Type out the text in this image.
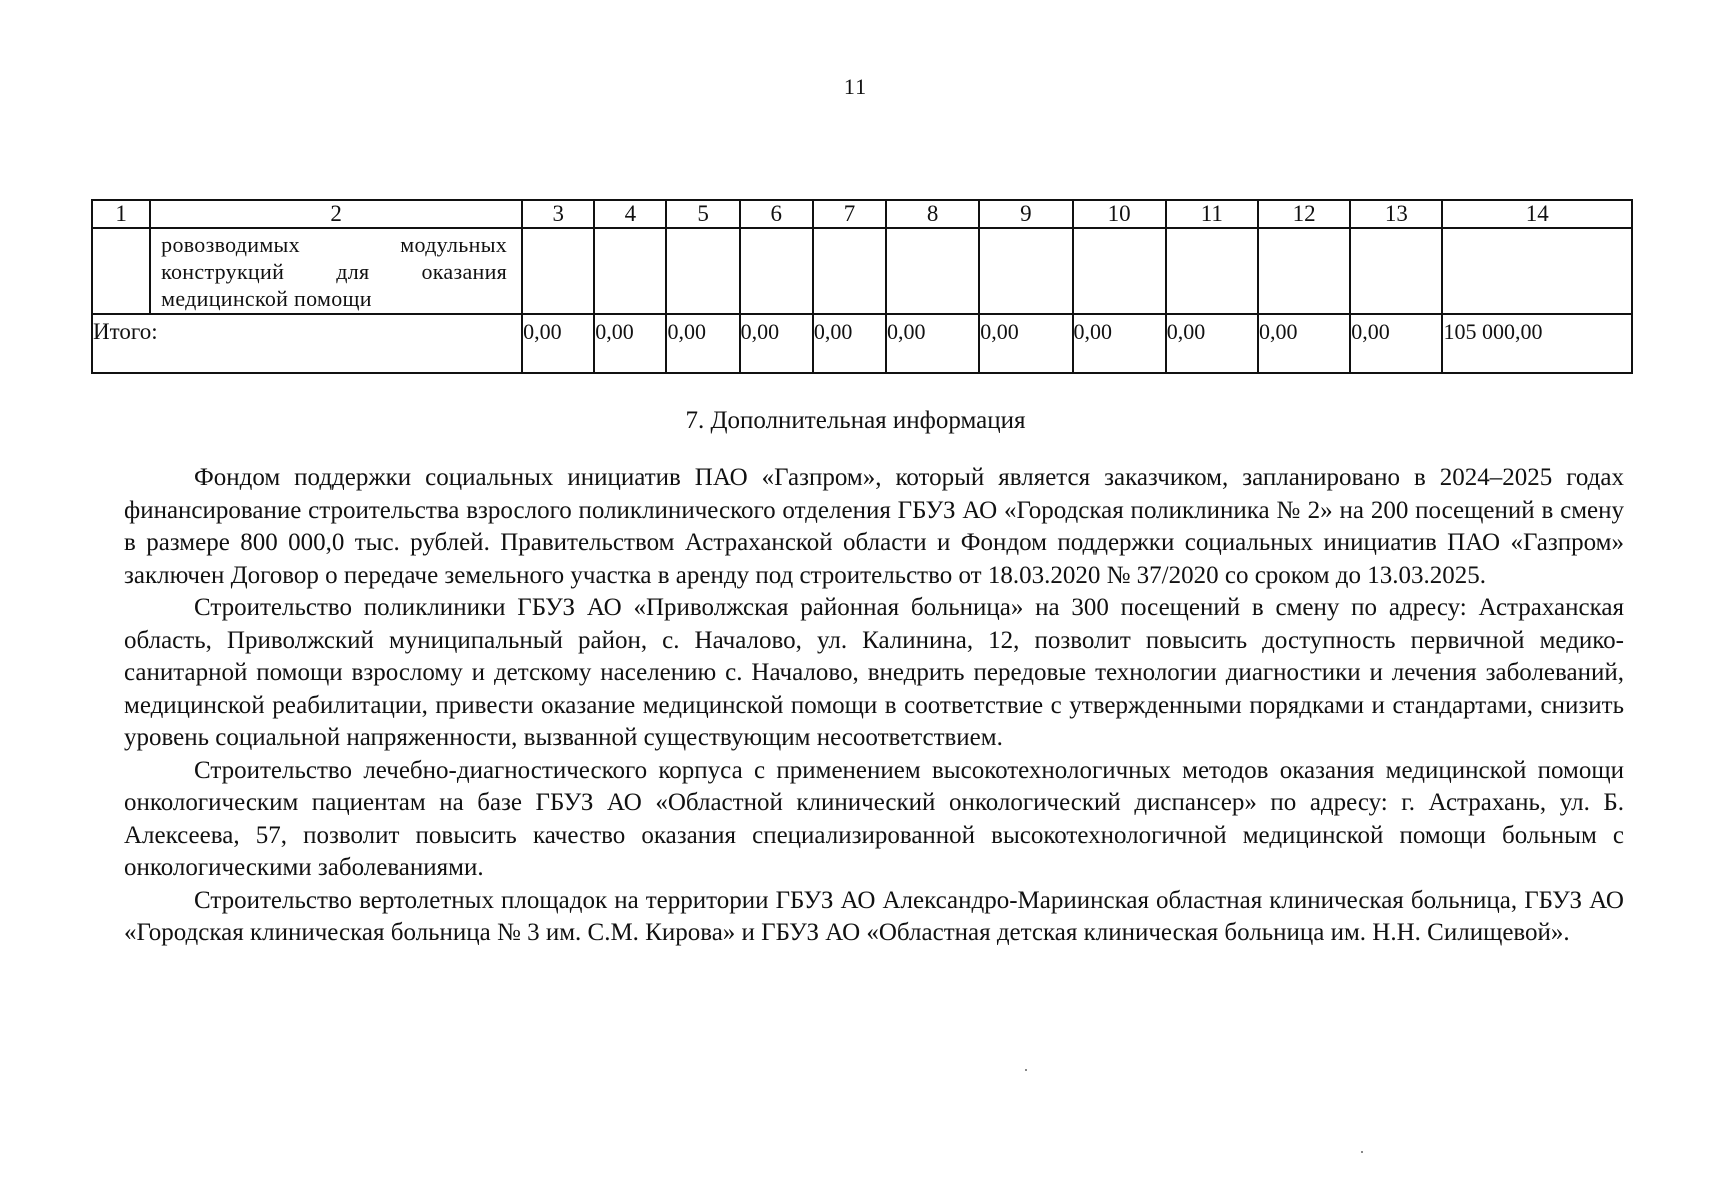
11
1	2	3	4	5	6	7	8	9	10	11	12	13	14

	ровозводимых модульных конструкций для оказания медицинской помощи												

Итого:		0,00	0,00	0,00	0,00	0,00	0,00	0,00	0,00	0,00	0,00	0,00	105 000,00
7. Дополнительная информация

Фондом поддержки социальных инициатив ПАО «Газпром», который является заказчиком, запланировано в 2024–2025 годах финансирование строительства взрослого поликлинического отделения ГБУЗ АО «Городская поликлиника № 2» на 200 посещений в смену в размере 800 000,0 тыс. рублей. Правительством Астраханской области и Фондом поддержки социальных инициатив ПАО «Газпром» заключен Договор о передаче земельного участка в аренду под строительство от 18.03.2020 № 37/2020 со сроком до 13.03.2025.

Строительство поликлиники ГБУЗ АО «Приволжская районная больница» на 300 посещений в смену по адресу: Астраханская область, Приволжский муниципальный район, с. Началово, ул. Калинина, 12, позволит повысить доступность первичной медико-санитарной помощи взрослому и детскому населению с. Началово, внедрить передовые технологии диагностики и лечения заболеваний, медицинской реабилитации, привести оказание медицинской помощи в соответствие с утвержденными порядками и стандартами, снизить уровень социальной напряженности, вызванной существующим несоответствием.

Строительство лечебно-диагностического корпуса с применением высокотехнологичных методов оказания медицинской помощи онкологическим пациентам на базе ГБУЗ АО «Областной клинический онкологический диспансер» по адресу: г. Астрахань, ул. Б. Алексеева, 57, позволит повысить качество оказания специализированной высокотехнологичной медицинской помощи больным с онкологическими заболеваниями.

Строительство вертолетных площадок на территории ГБУЗ АО Александро-Мариинская областная клиническая больница, ГБУЗ АО «Городская клиническая больница № 3 им. С.М. Кирова» и ГБУЗ АО «Областная детская клиническая больница им. Н.Н. Силищевой».
